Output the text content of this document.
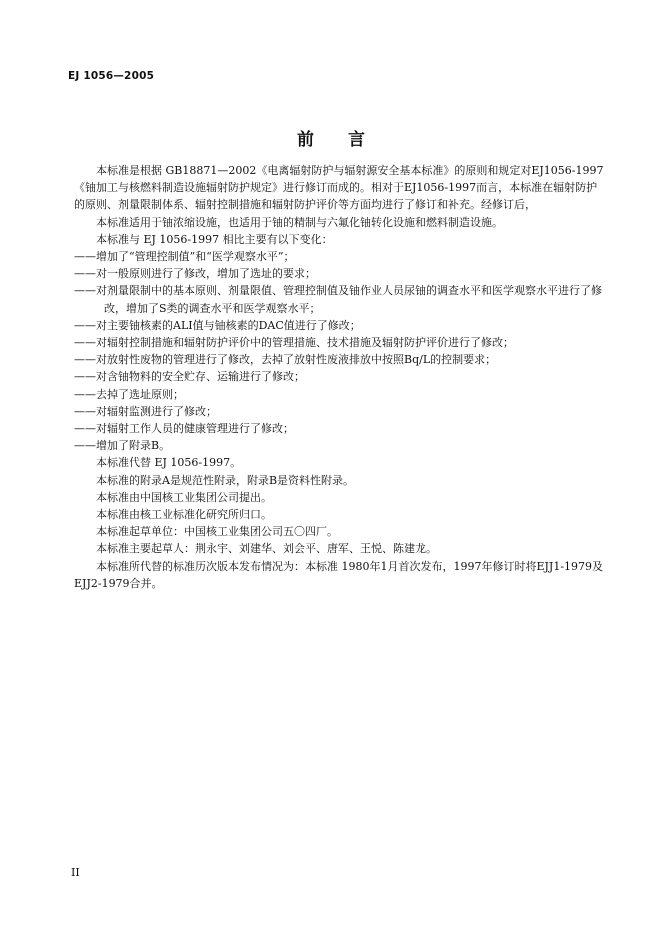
EJ 1056—2005
前 言

本标准是根据 GB18871—2002《电离辐射防护与辐射源安全基本标准》的原则和规定对EJ1056-1997《铀加工与核燃料制造设施辐射防护规定》进行修订而成的。相对于EJ1056-1997而言，本标准在辐射防护的原则、剂量限制体系、辐射控制措施和辐射防护评价等方面均进行了修订和补充。经修订后，

本标准适用于铀浓缩设施，也适用于铀的精制与六氟化铀转化设施和燃料制造设施。

本标准与 EJ 1056-1997 相比主要有以下变化：

——增加了“管理控制值”和“医学观察水平”；

——对一般原则进行了修改，增加了选址的要求；

——对剂量限制中的基本原则、剂量限值、管理控制值及铀作业人员尿铀的调查水平和医学观察水平进行了修改，增加了S类的调查水平和医学观察水平；

——对主要铀核素的ALI值与铀核素的DAC值进行了修改；

——对辐射控制措施和辐射防护评价中的管理措施、技术措施及辐射防护评价进行了修改；

——对放射性废物的管理进行了修改，去掉了放射性废液排放中按照Bq/L的控制要求；

——对含铀物料的安全贮存、运输进行了修改；

——去掉了选址原则；

——对辐射监测进行了修改；

——对辐射工作人员的健康管理进行了修改；

——增加了附录B。

本标准代替 EJ 1056-1997。

本标准的附录A是规范性附录，附录B是资料性附录。

本标准由中国核工业集团公司提出。

本标准由核工业标准化研究所归口。

本标准起草单位：中国核工业集团公司五〇四厂。

本标准主要起草人：荆永宇、刘建华、刘会平、唐军、王悦、陈建龙。

本标准所代替的标准历次版本发布情况为：本标准 1980年1月首次发布，1997年修订时将EJJ1-1979及EJJ2-1979合并。

II
